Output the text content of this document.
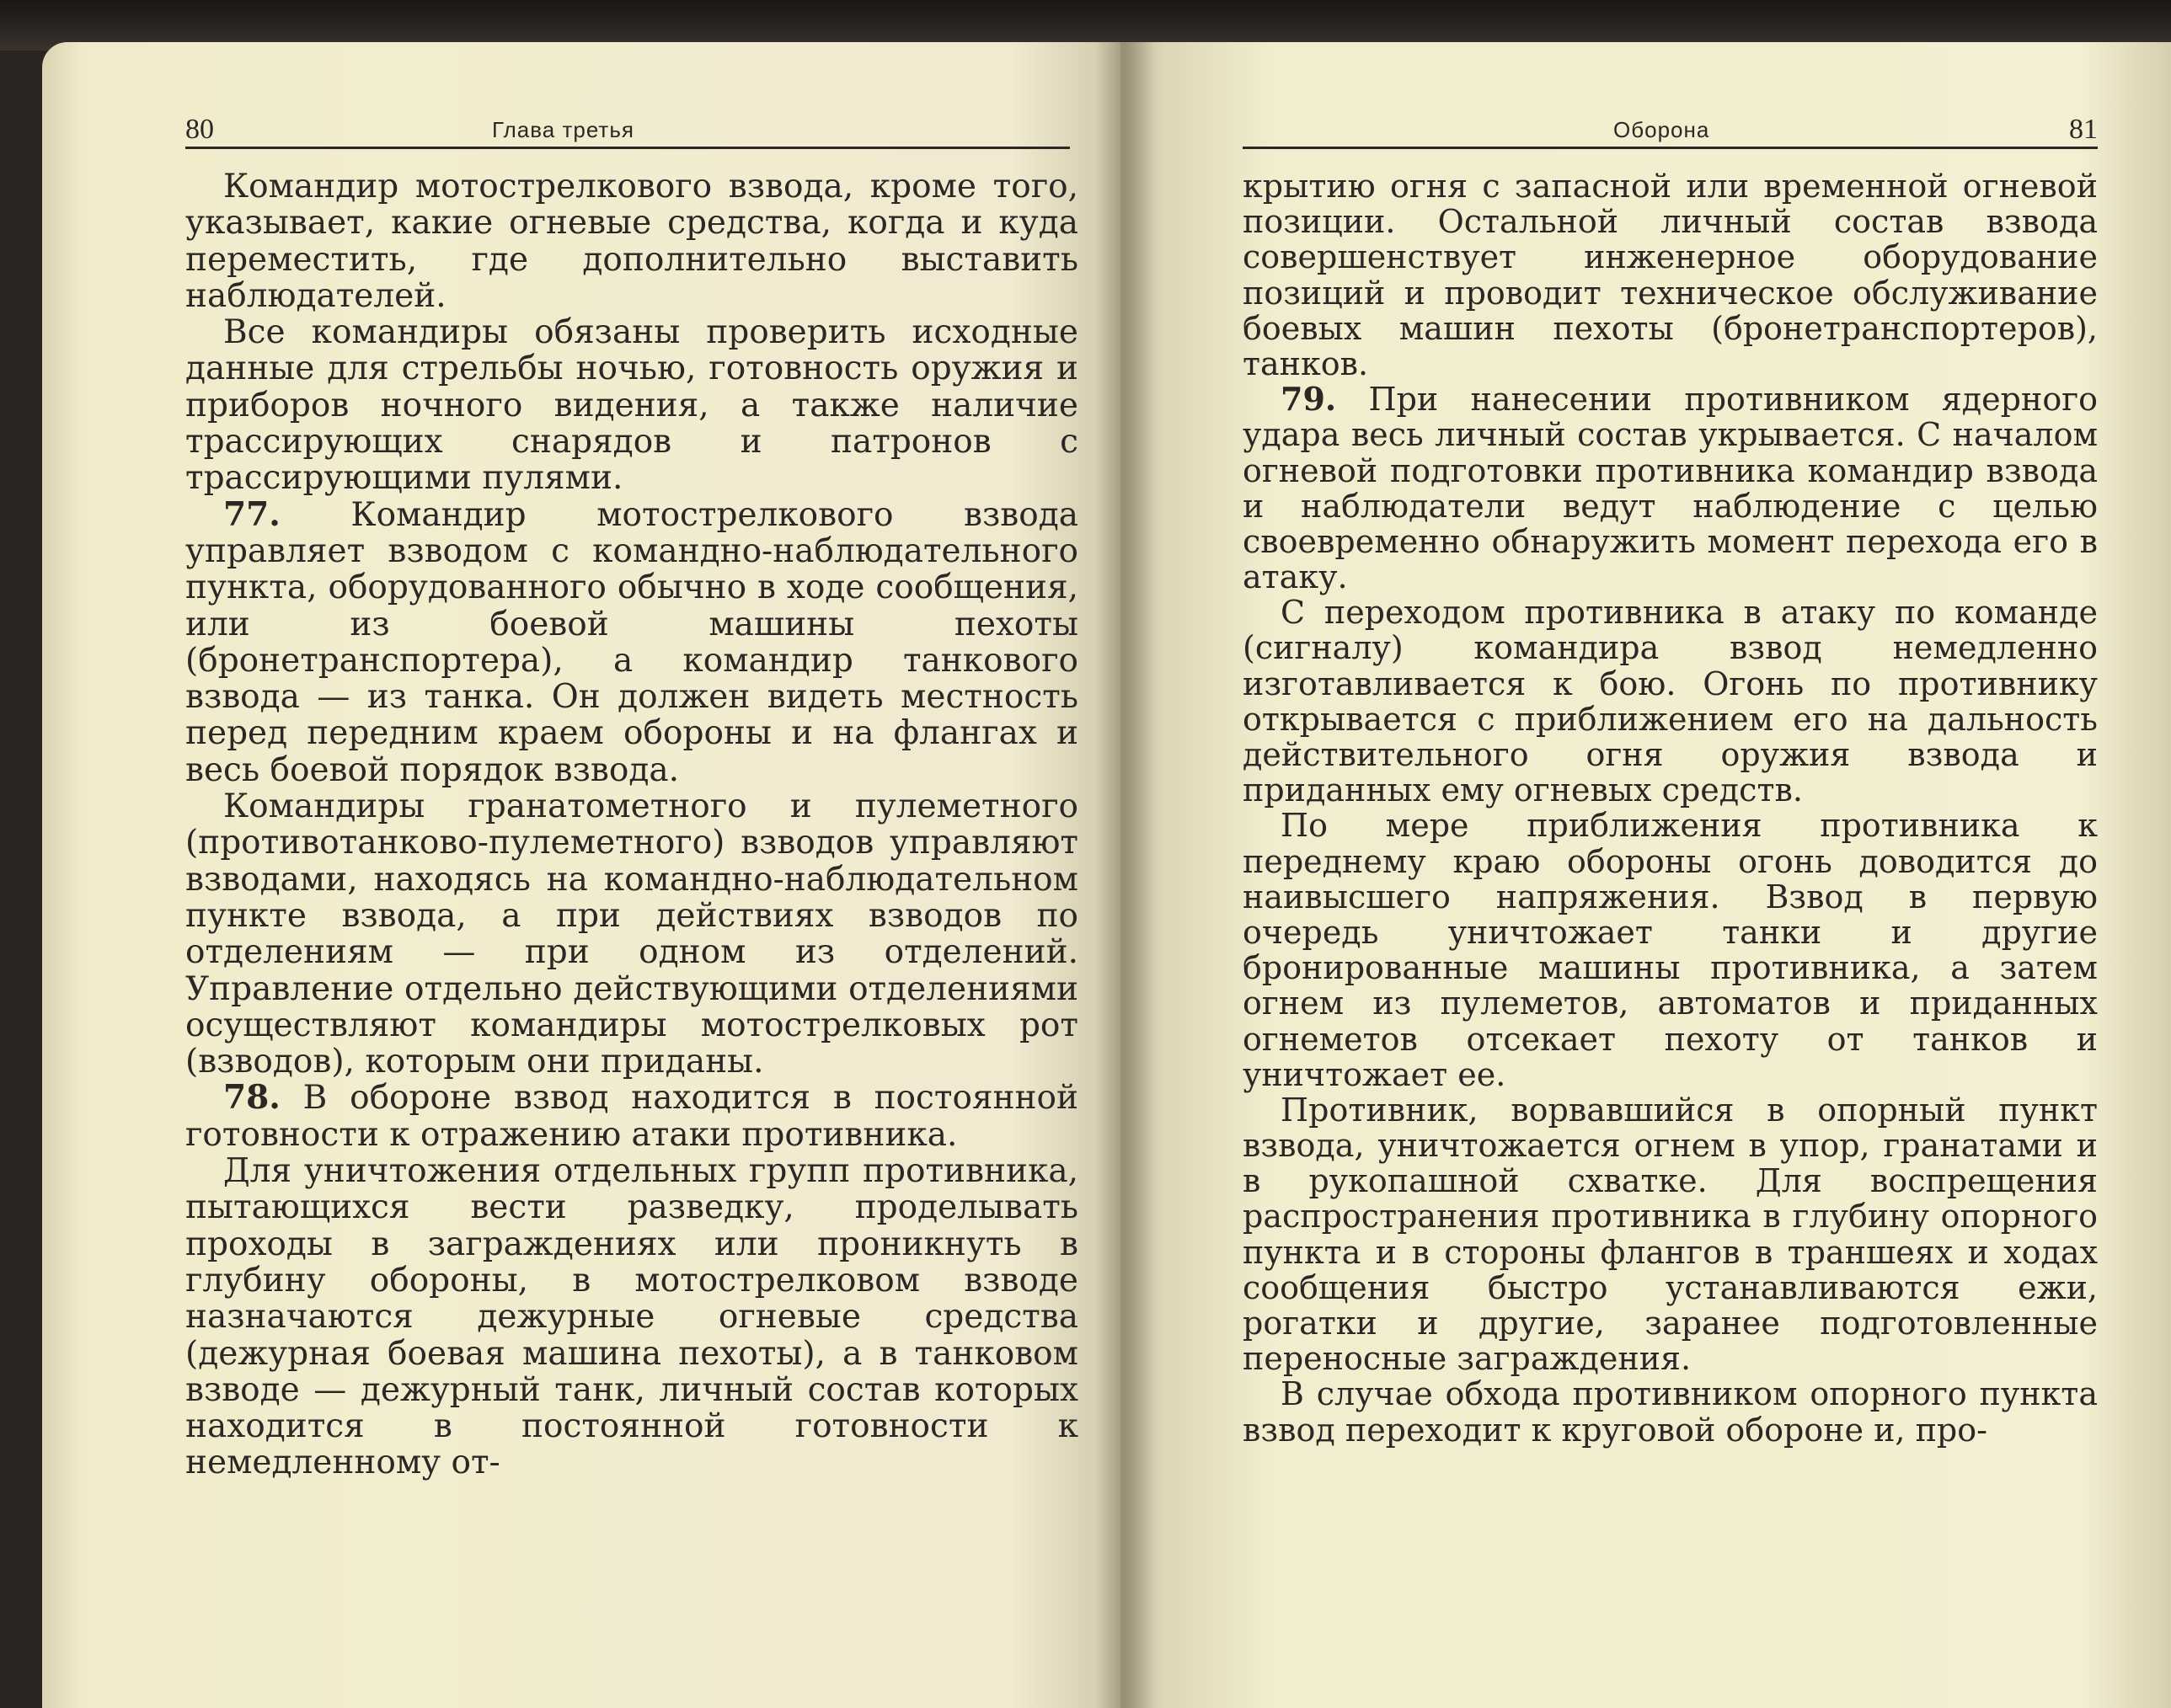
80	Глава третья

Командир мотострелкового взвода, кроме того, указывает, какие огневые средства, когда и куда переместить, где дополнительно выставить наблюдателей.

Все командиры обязаны проверить исходные данные для стрельбы ночью, готовность оружия и приборов ночного видения, а также наличие трассирующих снарядов и патронов с трассирующими пулями.

77. Командир мотострелкового взвода управляет взводом с командно-наблюдательного пункта, оборудованного обычно в ходе сообщения, или из боевой машины пехоты (бронетранспортера), а командир танкового взвода — из танка. Он должен видеть местность перед передним краем обороны и на флангах и весь боевой порядок взвода.

Командиры гранатометного и пулеметного (противотанково-пулеметного) взводов управляют взводами, находясь на командно-наблюдательном пункте взвода, а при действиях взводов по отделениям — при одном из отделений. Управление отдельно действующими отделениями осуществляют командиры мотострелковых рот (взводов), которым они приданы.

78. В обороне взвод находится в постоянной готовности к отражению атаки противника.

Для уничтожения отдельных групп противника, пытающихся вести разведку, проделывать проходы в заграждениях или проникнуть в глубину обороны, в мотострелковом взводе назначаются дежурные огневые средства (дежурная боевая машина пехоты), а в танковом взводе — дежурный танк, личный состав которых находится в постоянной готовности к немедленному от-

Оборона	81

крытию огня с запасной или временной огневой позиции. Остальной личный состав взвода совершенствует инженерное оборудование позиций и проводит техническое обслуживание боевых машин пехоты (бронетранспортеров), танков.

79. При нанесении противником ядерного удара весь личный состав укрывается. С началом огневой подготовки противника командир взвода и наблюдатели ведут наблюдение с целью своевременно обнаружить момент перехода его в атаку.

С переходом противника в атаку по команде (сигналу) командира взвод немедленно изготавливается к бою. Огонь по противнику открывается с приближением его на дальность действительного огня оружия взвода и приданных ему огневых средств.

По мере приближения противника к переднему краю обороны огонь доводится до наивысшего напряжения. Взвод в первую очередь уничтожает танки и другие бронированные машины противника, а затем огнем из пулеметов, автоматов и приданных огнеметов отсекает пехоту от танков и уничтожает ее.

Противник, ворвавшийся в опорный пункт взвода, уничтожается огнем в упор, гранатами и в рукопашной схватке. Для воспрещения распространения противника в глубину опорного пункта и в стороны флангов в траншеях и ходах сообщения быстро устанавливаются ежи, рогатки и другие, заранее подготовленные переносные заграждения.

В случае обхода противником опорного пункта взвод переходит к круговой обороне и, про-
